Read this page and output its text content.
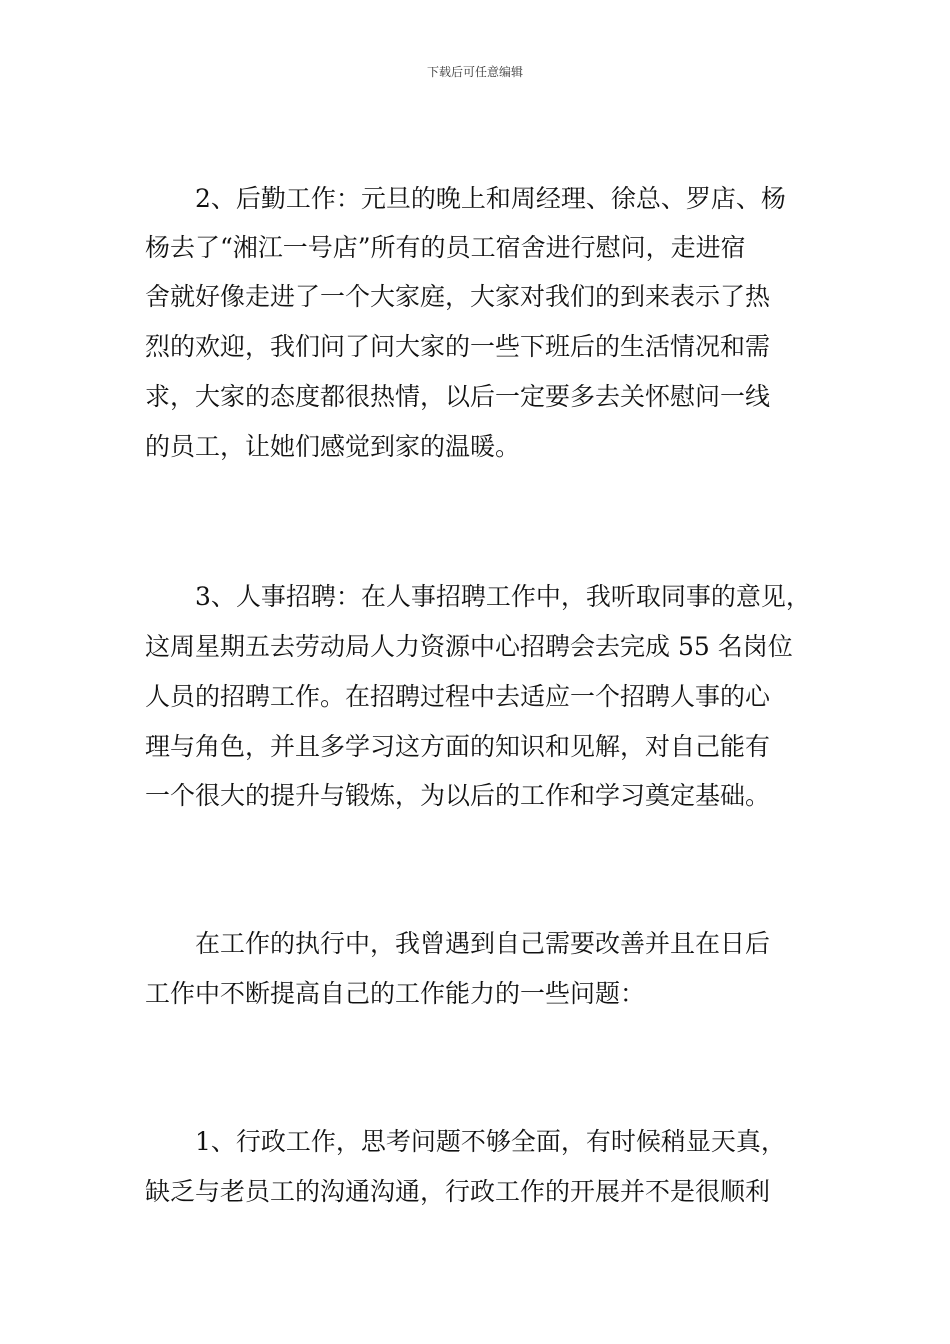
下载后可任意编辑
2、后勤工作：元旦的晚上和周经理、徐总、罗店、杨
杨去了“湘江一号店”所有的员工宿舍进行慰问，走进宿
舍就好像走进了一个大家庭，大家对我们的到来表示了热
烈的欢迎，我们问了问大家的一些下班后的生活情况和需
求，大家的态度都很热情，以后一定要多去关怀慰问一线
的员工，让她们感觉到家的温暖。
3、人事招聘：在人事招聘工作中，我听取同事的意见，
这周星期五去劳动局人力资源中心招聘会去完成 55 名岗位
人员的招聘工作。在招聘过程中去适应一个招聘人事的心
理与角色，并且多学习这方面的知识和见解，对自己能有
一个很大的提升与锻炼，为以后的工作和学习奠定基础。
在工作的执行中，我曾遇到自己需要改善并且在日后
工作中不断提高自己的工作能力的一些问题：
1、行政工作，思考问题不够全面，有时候稍显天真，
缺乏与老员工的沟通沟通，行政工作的开展并不是很顺利
